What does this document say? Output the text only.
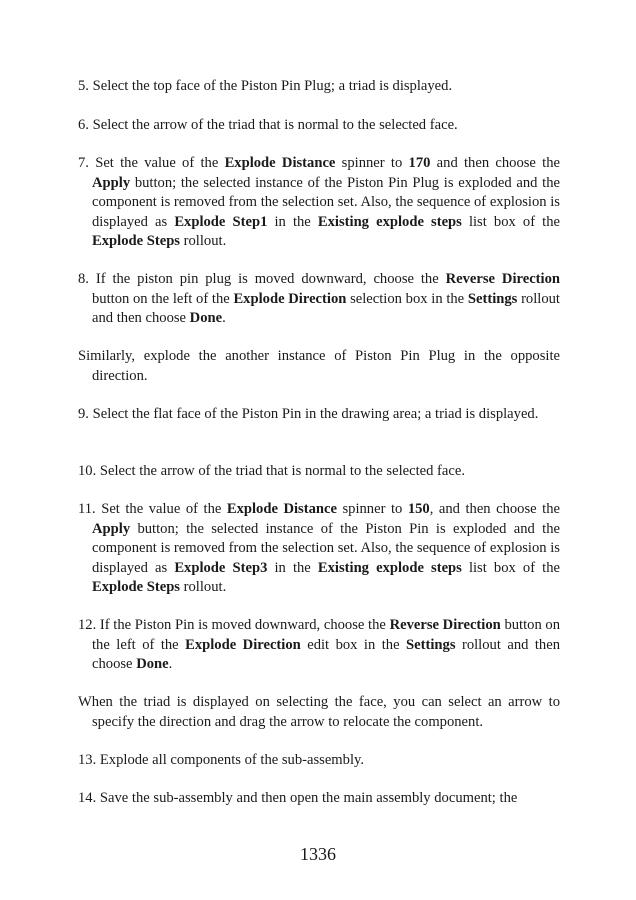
5. Select the top face of the Piston Pin Plug; a triad is displayed.

6. Select the arrow of the triad that is normal to the selected face.

7. Set the value of the Explode Distance spinner to 170 and then choose the Apply button; the selected instance of the Piston Pin Plug is exploded and the component is removed from the selection set. Also, the sequence of explosion is displayed as Explode Step1 in the Existing explode steps list box of the Explode Steps rollout.

8. If the piston pin plug is moved downward, choose the Reverse Direction button on the left of the Explode Direction selection box in the Settings rollout and then choose Done.

Similarly, explode the another instance of Piston Pin Plug in the opposite direction.

9. Select the flat face of the Piston Pin in the drawing area; a triad is displayed.

10. Select the arrow of the triad that is normal to the selected face.

11. Set the value of the Explode Distance spinner to 150, and then choose the Apply button; the selected instance of the Piston Pin is exploded and the component is removed from the selection set. Also, the sequence of explosion is displayed as Explode Step3 in the Existing explode steps list box of the Explode Steps rollout.

12. If the Piston Pin is moved downward, choose the Reverse Direction button on the left of the Explode Direction edit box in the Settings rollout and then choose Done.

When the triad is displayed on selecting the face, you can select an arrow to specify the direction and drag the arrow to relocate the component.

13. Explode all components of the sub-assembly.

14. Save the sub-assembly and then open the main assembly document; the

1336
